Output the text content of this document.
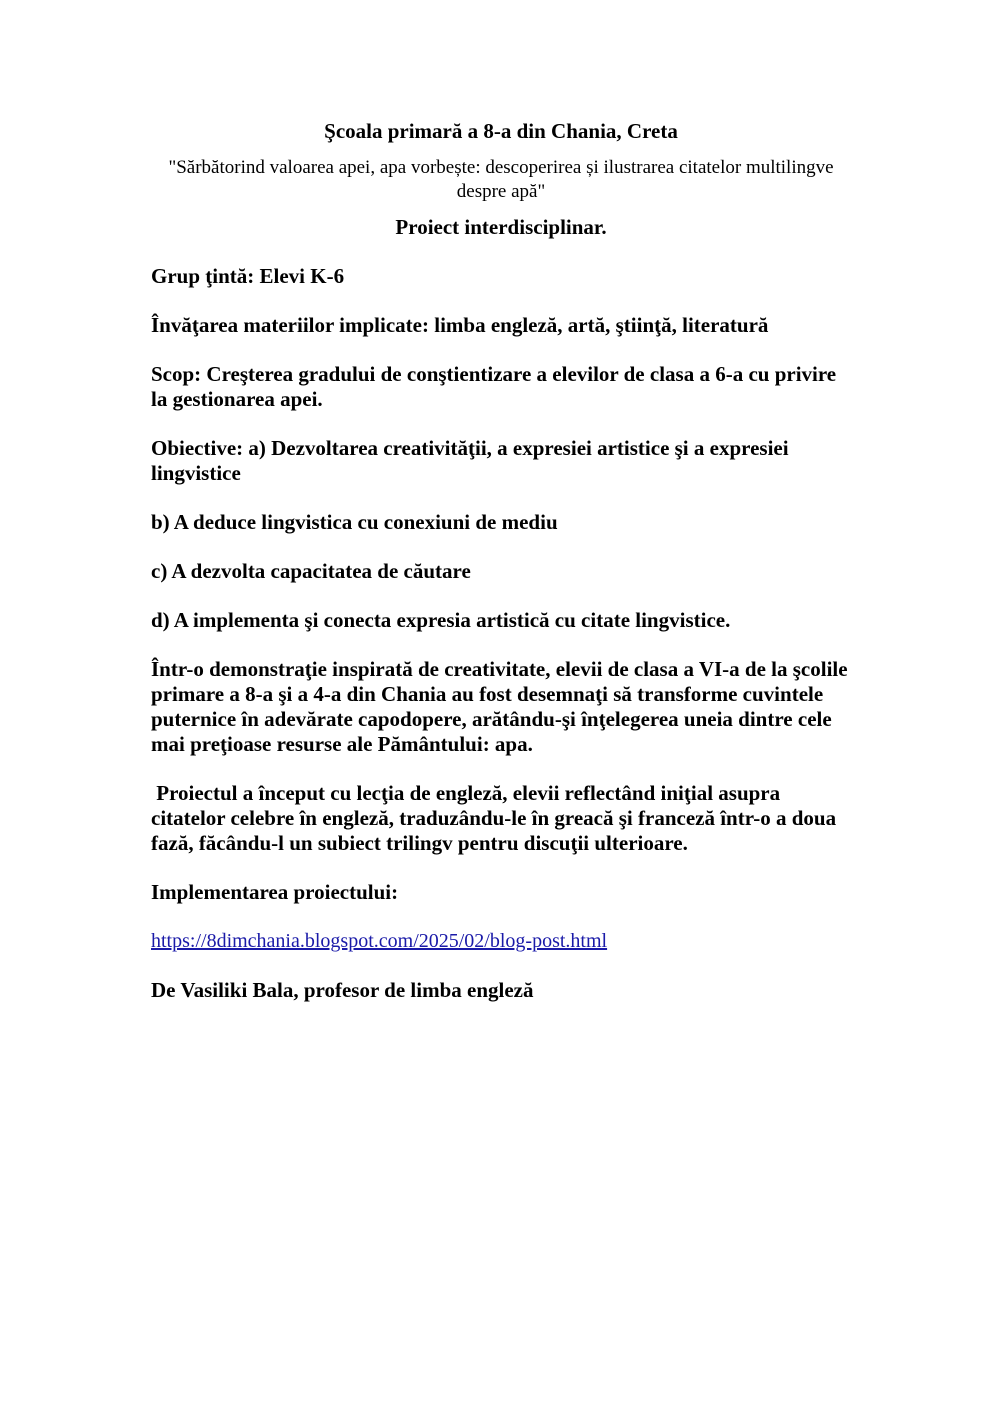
Şcoala primară a 8-a din Chania, Creta
"Sărbătorind valoarea apei, apa vorbește: descoperirea și ilustrarea citatelor multilingve despre apă"
Proiect interdisciplinar.

Grup ţintă: Elevi K-6

Învăţarea materiilor implicate: limba engleză, artă, ştiinţă, literatură

Scop: Creşterea gradului de conştientizare a elevilor de clasa a 6-a cu privire la gestionarea apei.

Obiective: a) Dezvoltarea creativităţii, a expresiei artistice şi a expresiei lingvistice

b) A deduce lingvistica cu conexiuni de mediu

c) A dezvolta capacitatea de căutare

d) A implementa şi conecta expresia artistică cu citate lingvistice.

Într-o demonstraţie inspirată de creativitate, elevii de clasa a VI-a de la şcolile primare a 8-a şi a 4-a din Chania au fost desemnaţi să transforme cuvintele puternice în adevărate capodopere, arătându-şi înţelegerea uneia dintre cele mai preţioase resurse ale Pământului: apa.

Proiectul a început cu lecţia de engleză, elevii reflectând iniţial asupra citatelor celebre în engleză, traduzându-le în greacă şi franceză într-o a doua fază, făcându-l un subiect trilingv pentru discuţii ulterioare.

Implementarea proiectului:

https://8dimchania.blogspot.com/2025/02/blog-post.html

De Vasiliki Bala, profesor de limba engleză
